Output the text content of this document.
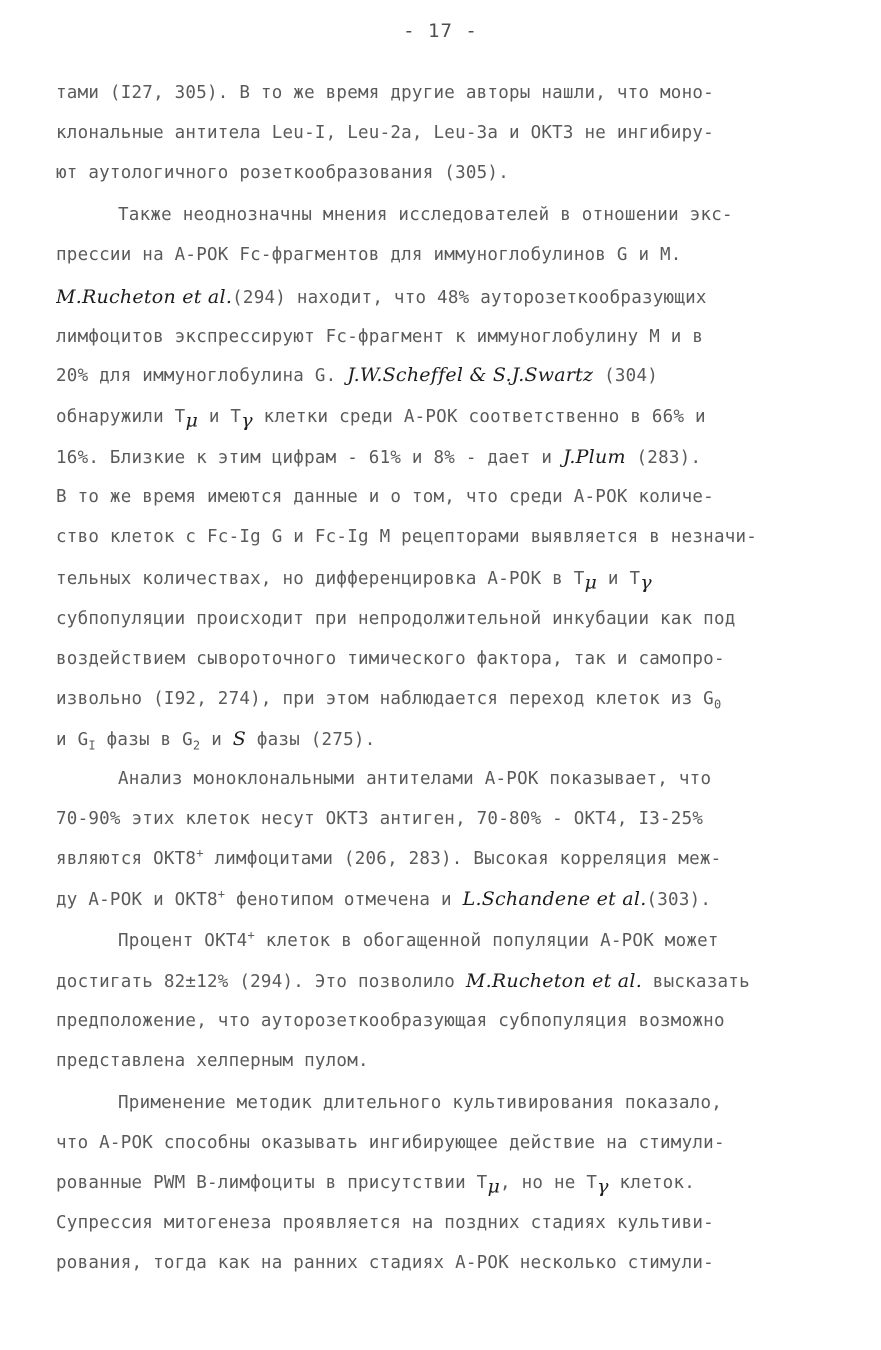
- 17 -
тами (I27, 305). В то же время другие авторы нашли, что моно-
клональные антитела Leu-I, Leu-2a, Leu-3a и ОКТ3 не ингибиру-
ют аутологичного розеткообразования (305).
Также неоднозначны мнения исследователей в отношении экс-
прессии на А-РОК Fc-фрагментов для иммуноглобулинов G и M.
M.Rucheton et al.(294) находит, что 48% ауторозеткообразующих
лимфоцитов экспрессируют Fc-фрагмент к иммуноглобулину М и в
20% для иммуноглобулина G. J.W.Scheffel & S.J.Swartz (304)
обнаружили $T_\mu$ и $T_\gamma$ клетки среди А-РОК соответственно в 66% и
16%. Близкие к этим цифрам - 61% и 8% - дает и J.Plum (283).
В то же время имеются данные и о том, что среди А-РОК количе-
ство клеток с Fc-Ig G и Fc-Ig M рецепторами выявляется в незначи-
тельных количествах, но дифференцировка А-РОК в $T_\mu$ и $T_\gamma$
субпопуляции происходит при непродолжительной инкубации как под
воздействием сывороточного тимического фактора, так и самопро-
извольно (I92, 274), при этом наблюдается переход клеток из $G_0$
и $G_I$ фазы в $G_2$ и S фазы (275).
Анализ моноклональными антителами А-РОК показывает, что
70-90% этих клеток несут ОКТ3 антиген, 70-80% - ОКТ4, I3-25%
являются ОКТ8+ лимфоцитами (206, 283). Высокая корреляция меж-
ду А-РОК и ОКТ8+ фенотипом отмечена и L.Schandene et al.(303).
Процент ОКТ4+ клеток в обогащенной популяции А-РОК может
достигать 82±12% (294). Это позволило M.Rucheton et al. высказать
предположение, что ауторозеткообразующая субпопуляция возможно
представлена хелперным пулом.
Применение методик длительного культивирования показало,
что А-РОК способны оказывать ингибирующее действие на стимули-
рованные PWM В-лимфоциты в присутствии $T_\mu$, но не $T_\gamma$ клеток.
Супрессия митогенеза проявляется на поздних стадиях культиви-
рования, тогда как на ранних стадиях А-РОК несколько стимули-
